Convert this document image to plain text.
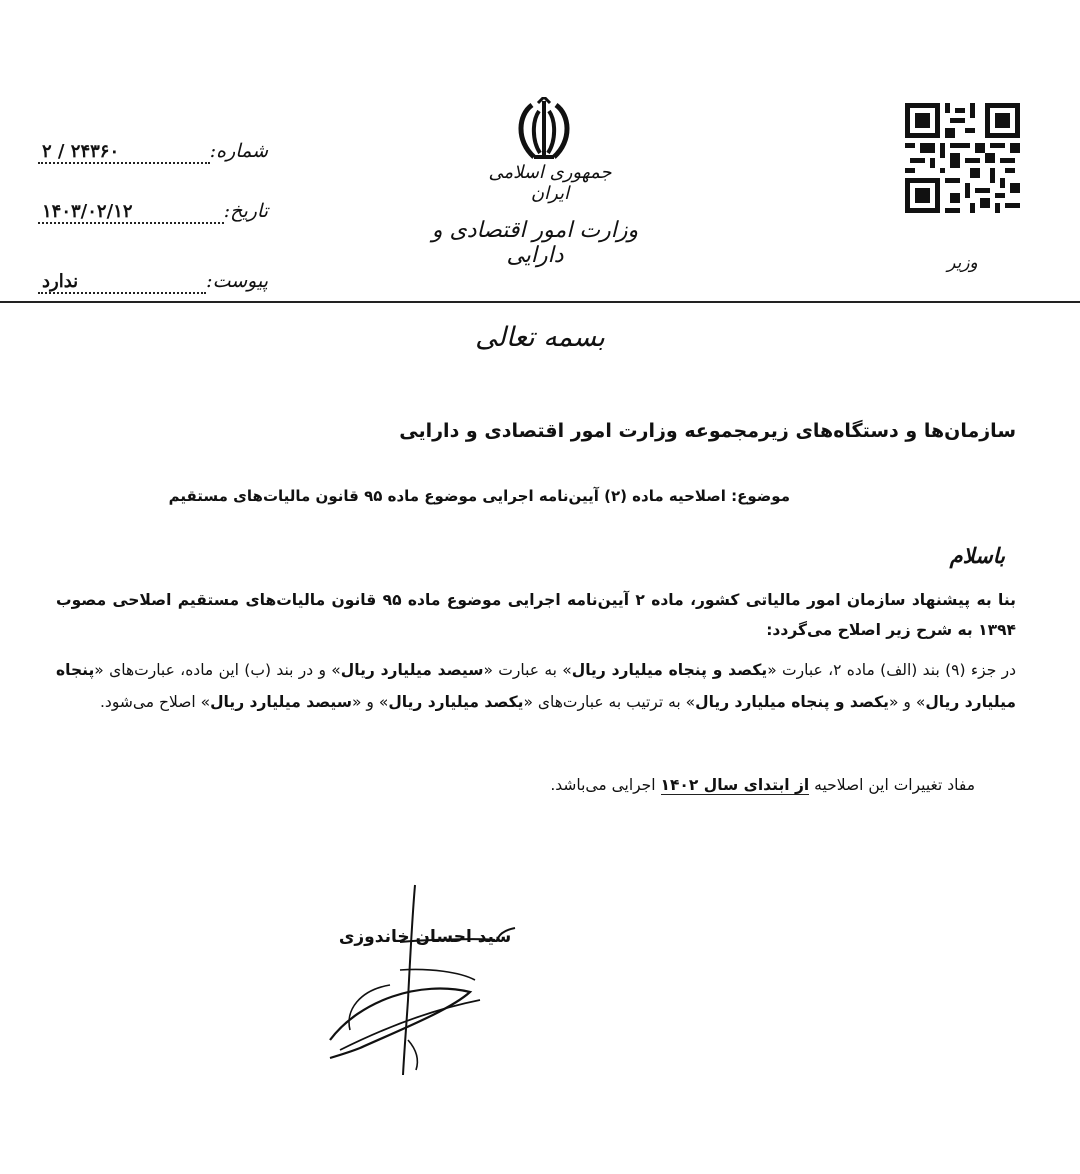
شماره:
۲ / ۲۴۳۶۰
تاریخ:
۱۴۰۳/۰۲/۱۲
پیوست:
ندارد
جمهوری اسلامی ایران
وزارت امور اقتصادی و دارایی	وزیر
بسمه تعالی
سازمان‌ها و دستگاه‌های زیرمجموعه وزارت امور اقتصادی و دارایی
موضوع: اصلاحیه ماده (۲) آیین‌نامه اجرایی موضوع ماده ۹۵ قانون مالیات‌های مستقیم
باسلام
بنا به پیشنهاد سازمان امور مالیاتی کشور، ماده ۲ آیین‌نامه اجرایی موضوع ماده ۹۵ قانون مالیات‌های مستقیم اصلاحی مصوب ۱۳۹۴ به شرح زیر اصلاح می‌گردد:
در جزء (۹) بند (الف) ماده ۲، عبارت «یکصد و پنجاه میلیارد ریال» به عبارت «سیصد میلیارد ریال» و در بند (ب) این ماده، عبارت‌های «پنجاه میلیارد ریال» و «یکصد و پنجاه میلیارد ریال» به ترتیب به عبارت‌های «یکصد میلیارد ریال» و «سیصد میلیارد ریال» اصلاح می‌شود.
مفاد تغییرات این اصلاحیه از ابتدای سال ۱۴۰۲ اجرایی می‌باشد.
سید احسان خاندوزی
